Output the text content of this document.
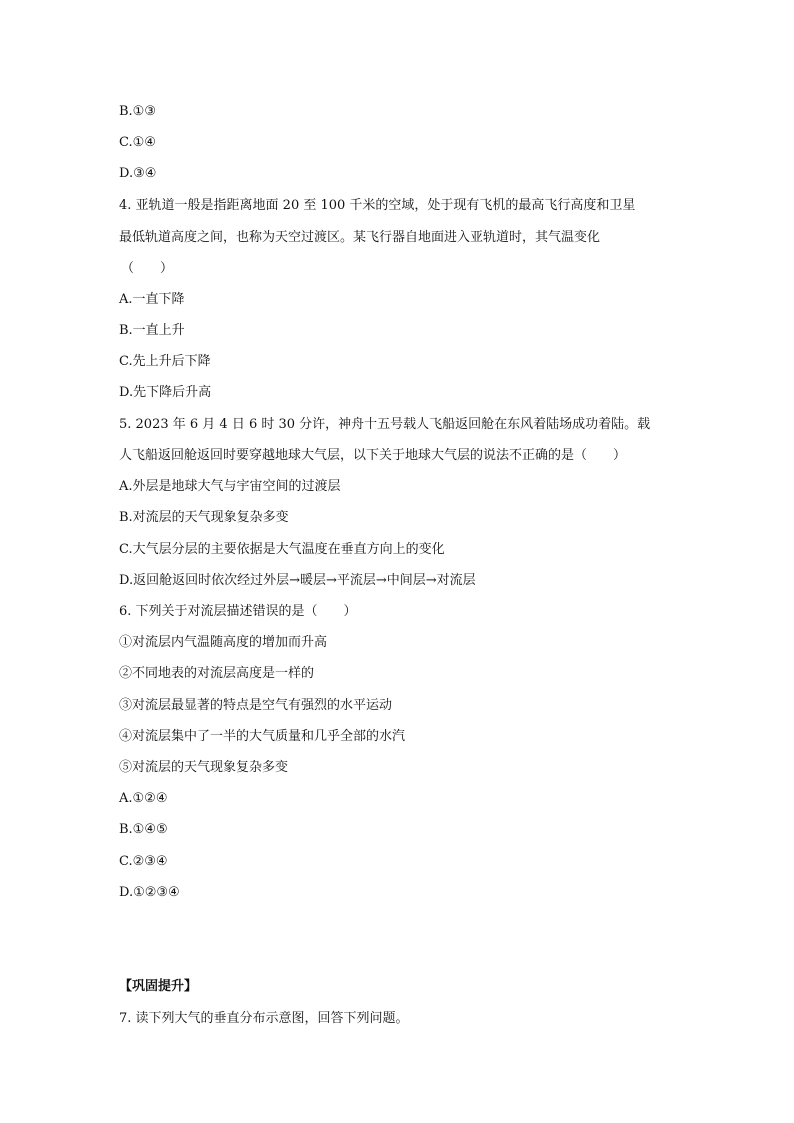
B.①③
C.①④
D.③④
4. 亚轨道一般是指距离地面 20 至 100 千米的空域，处于现有飞机的最高飞行高度和卫星
最低轨道高度之间，也称为天空过渡区。某飞行器自地面进入亚轨道时，其气温变化
（　　）
A.一直下降
B.一直上升
C.先上升后下降
D.先下降后升高
5. 2023 年 6 月 4 日 6 时 30 分许，神舟十五号载人飞船返回舱在东风着陆场成功着陆。载
人飞船返回舱返回时要穿越地球大气层，以下关于地球大气层的说法不正确的是（　　）
A.外层是地球大气与宇宙空间的过渡层
B.对流层的天气现象复杂多变
C.大气层分层的主要依据是大气温度在垂直方向上的变化
D.返回舱返回时依次经过外层→暖层→平流层→中间层→对流层
6. 下列关于对流层描述错误的是（　　）
①对流层内气温随高度的增加而升高
②不同地表的对流层高度是一样的
③对流层最显著的特点是空气有强烈的水平运动
④对流层集中了一半的大气质量和几乎全部的水汽
⑤对流层的天气现象复杂多变
A.①②④
B.①④⑤
C.②③④
D.①②③④
【巩固提升】
7. 读下列大气的垂直分布示意图，回答下列问题。
